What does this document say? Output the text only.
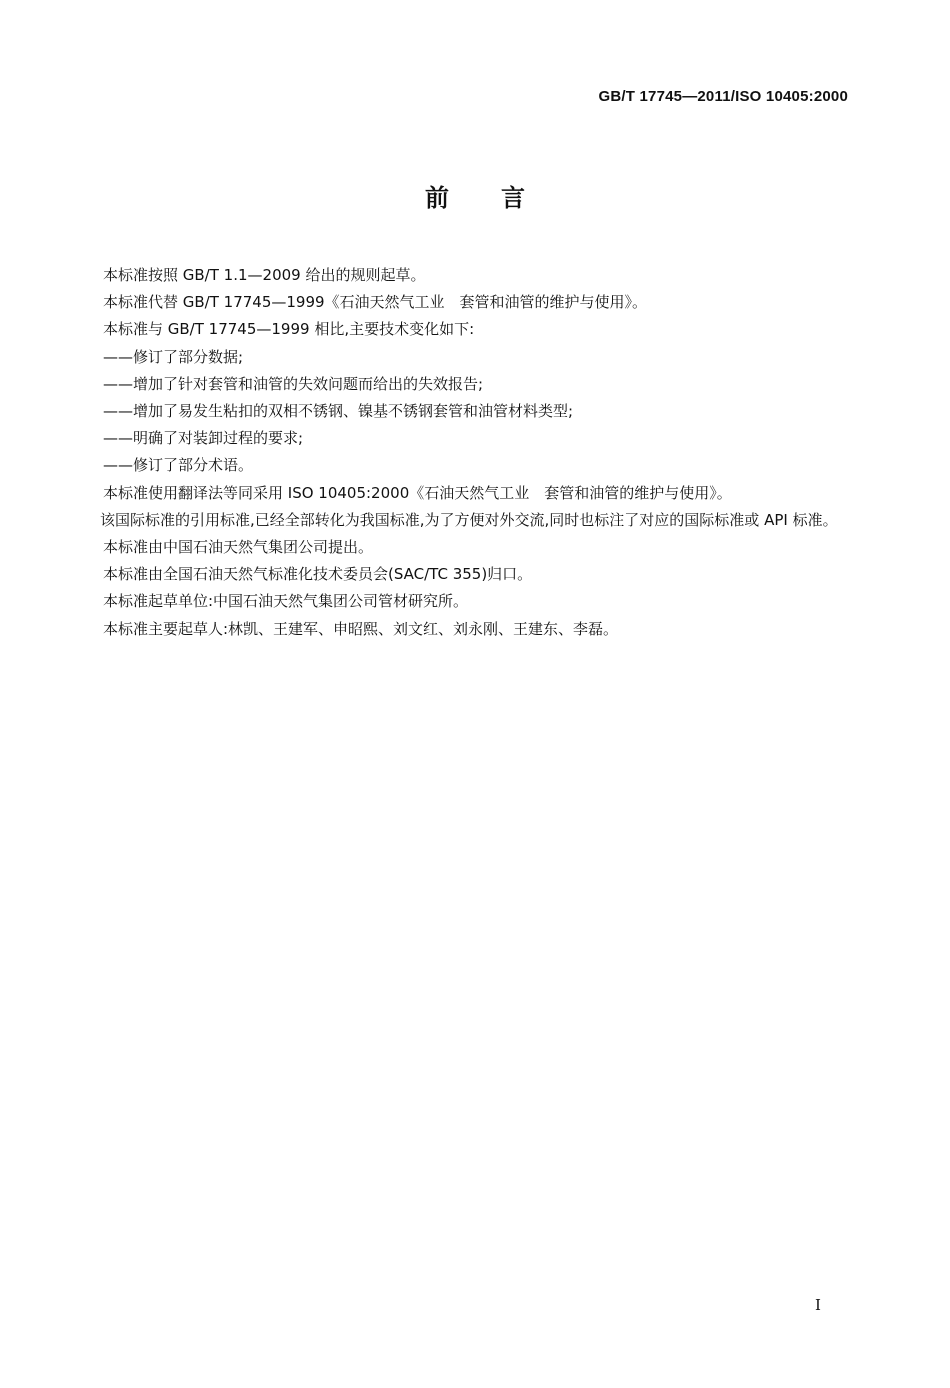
GB/T 17745—2011/ISO 10405:2000
前言

本标准按照 GB/T 1.1—2009 给出的规则起草。

本标准代替 GB/T 17745—1999《石油天然气工业　套管和油管的维护与使用》。

本标准与 GB/T 17745—1999 相比,主要技术变化如下:

——修订了部分数据;

——增加了针对套管和油管的失效问题而给出的失效报告;

——增加了易发生粘扣的双相不锈钢、镍基不锈钢套管和油管材料类型;

——明确了对装卸过程的要求;

——修订了部分术语。

本标准使用翻译法等同采用 ISO 10405:2000《石油天然气工业　套管和油管的维护与使用》。

该国际标准的引用标准,已经全部转化为我国标准,为了方便对外交流,同时也标注了对应的国际标准或 API 标准。

本标准由中国石油天然气集团公司提出。

本标准由全国石油天然气标准化技术委员会(SAC/TC 355)归口。

本标准起草单位:中国石油天然气集团公司管材研究所。

本标准主要起草人:林凯、王建军、申昭熙、刘文红、刘永刚、王建东、李磊。

I
